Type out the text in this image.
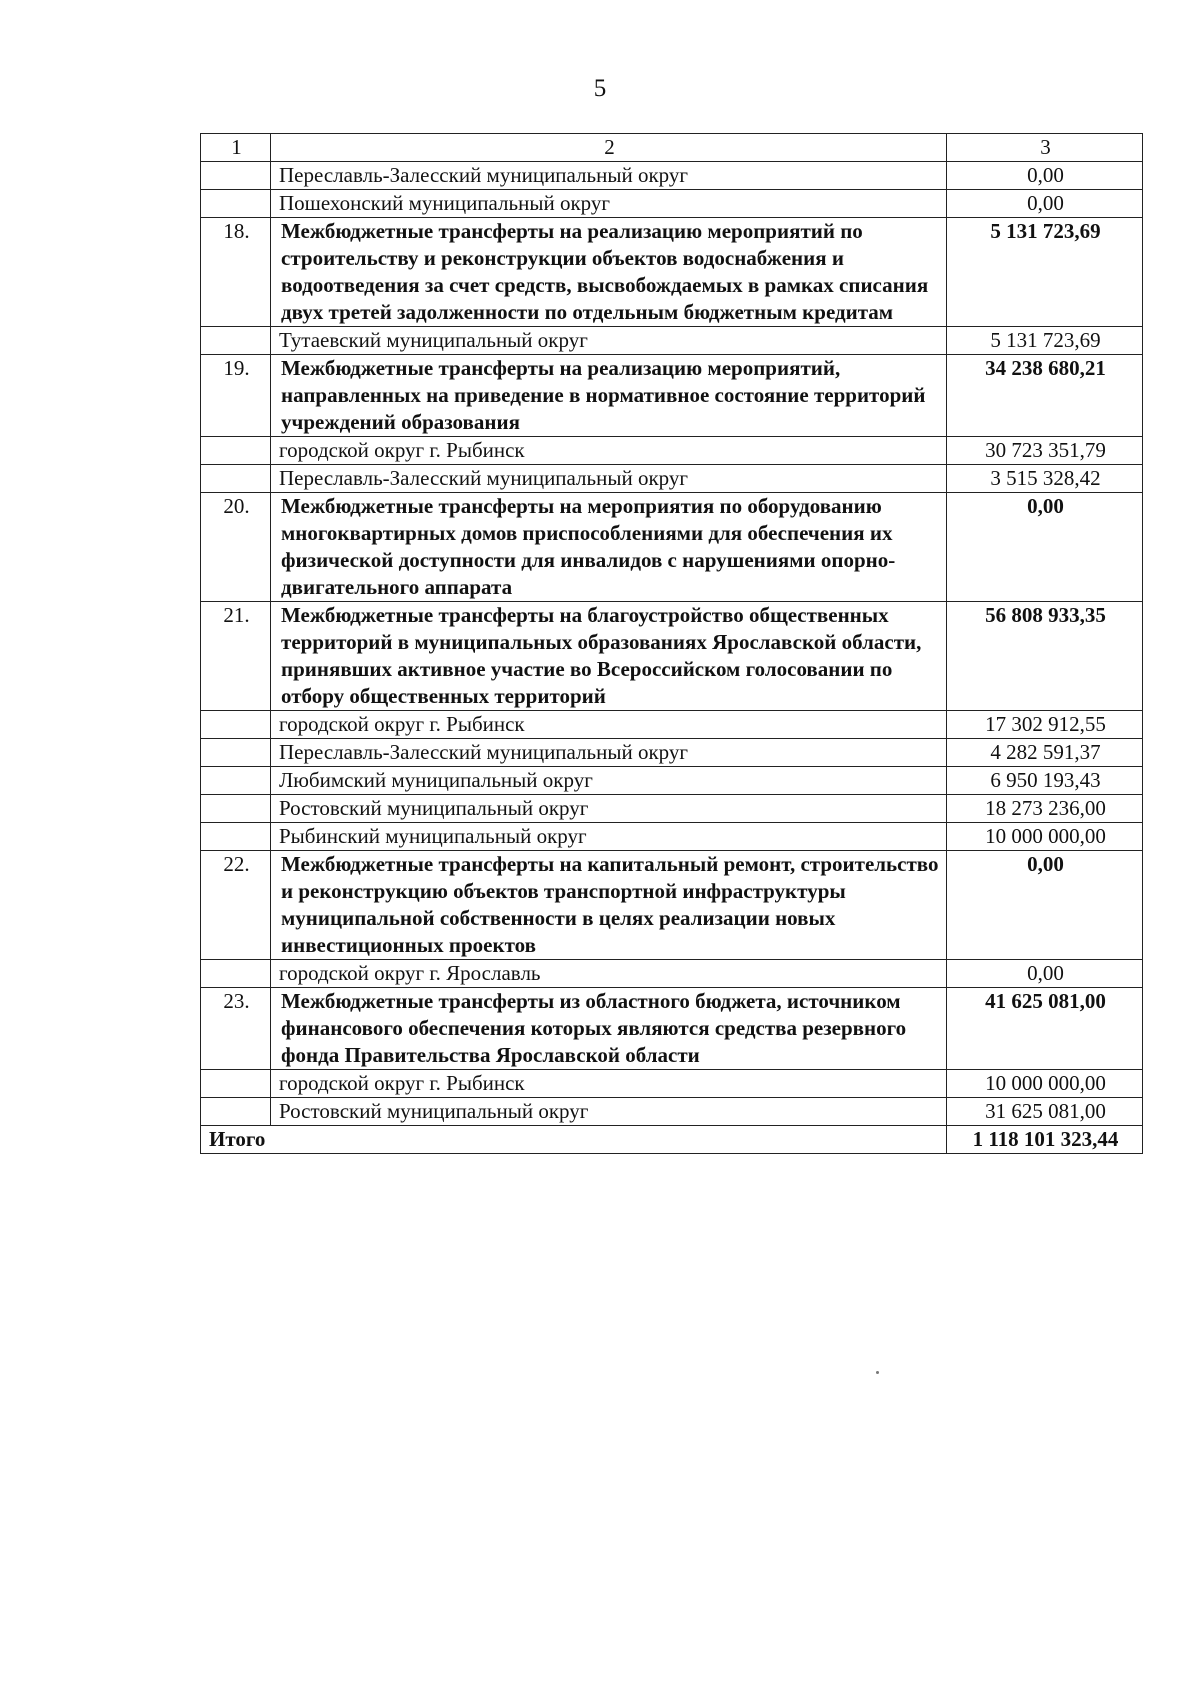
5
1	2	3
	Переславль-Залесский муниципальный округ	0,00
	Пошехонский муниципальный округ	0,00
18.	Межбюджетные трансферты на реализацию мероприятий по строительству и реконструкции объектов водоснабжения и водоотведения за счет средств, высвобождаемых в рамках списания двух третей задолженности по отдельным бюджетным кредитам	5 131 723,69
	Тутаевский муниципальный округ	5 131 723,69
19.	Межбюджетные трансферты на реализацию мероприятий, направленных на приведение в нормативное состояние территорий учреждений образования	34 238 680,21
	городской округ г. Рыбинск	30 723 351,79
	Переславль-Залесский муниципальный округ	3 515 328,42
20.	Межбюджетные трансферты на мероприятия по оборудованию многоквартирных домов приспособлениями для обеспечения их физической доступности для инвалидов с нарушениями опорно-двигательного аппарата	0,00
21.	Межбюджетные трансферты на благоустройство общественных территорий в муниципальных образованиях Ярославской области, принявших активное участие во Всероссийском голосовании по отбору общественных территорий	56 808 933,35
	городской округ г. Рыбинск	17 302 912,55
	Переславль-Залесский муниципальный округ	4 282 591,37
	Любимский муниципальный округ	6 950 193,43
	Ростовский муниципальный округ	18 273 236,00
	Рыбинский муниципальный округ	10 000 000,00
22.	Межбюджетные трансферты на капитальный ремонт, строительство и реконструкцию объектов транспортной инфраструктуры муниципальной собственности в целях реализации новых инвестиционных проектов	0,00
	городской округ г. Ярославль	0,00
23.	Межбюджетные трансферты из областного бюджета, источником финансового обеспечения которых являются средства резервного фонда Правительства Ярославской области	41 625 081,00
	городской округ г. Рыбинск	10 000 000,00
	Ростовский муниципальный округ	31 625 081,00
Итого		1 118 101 323,44
